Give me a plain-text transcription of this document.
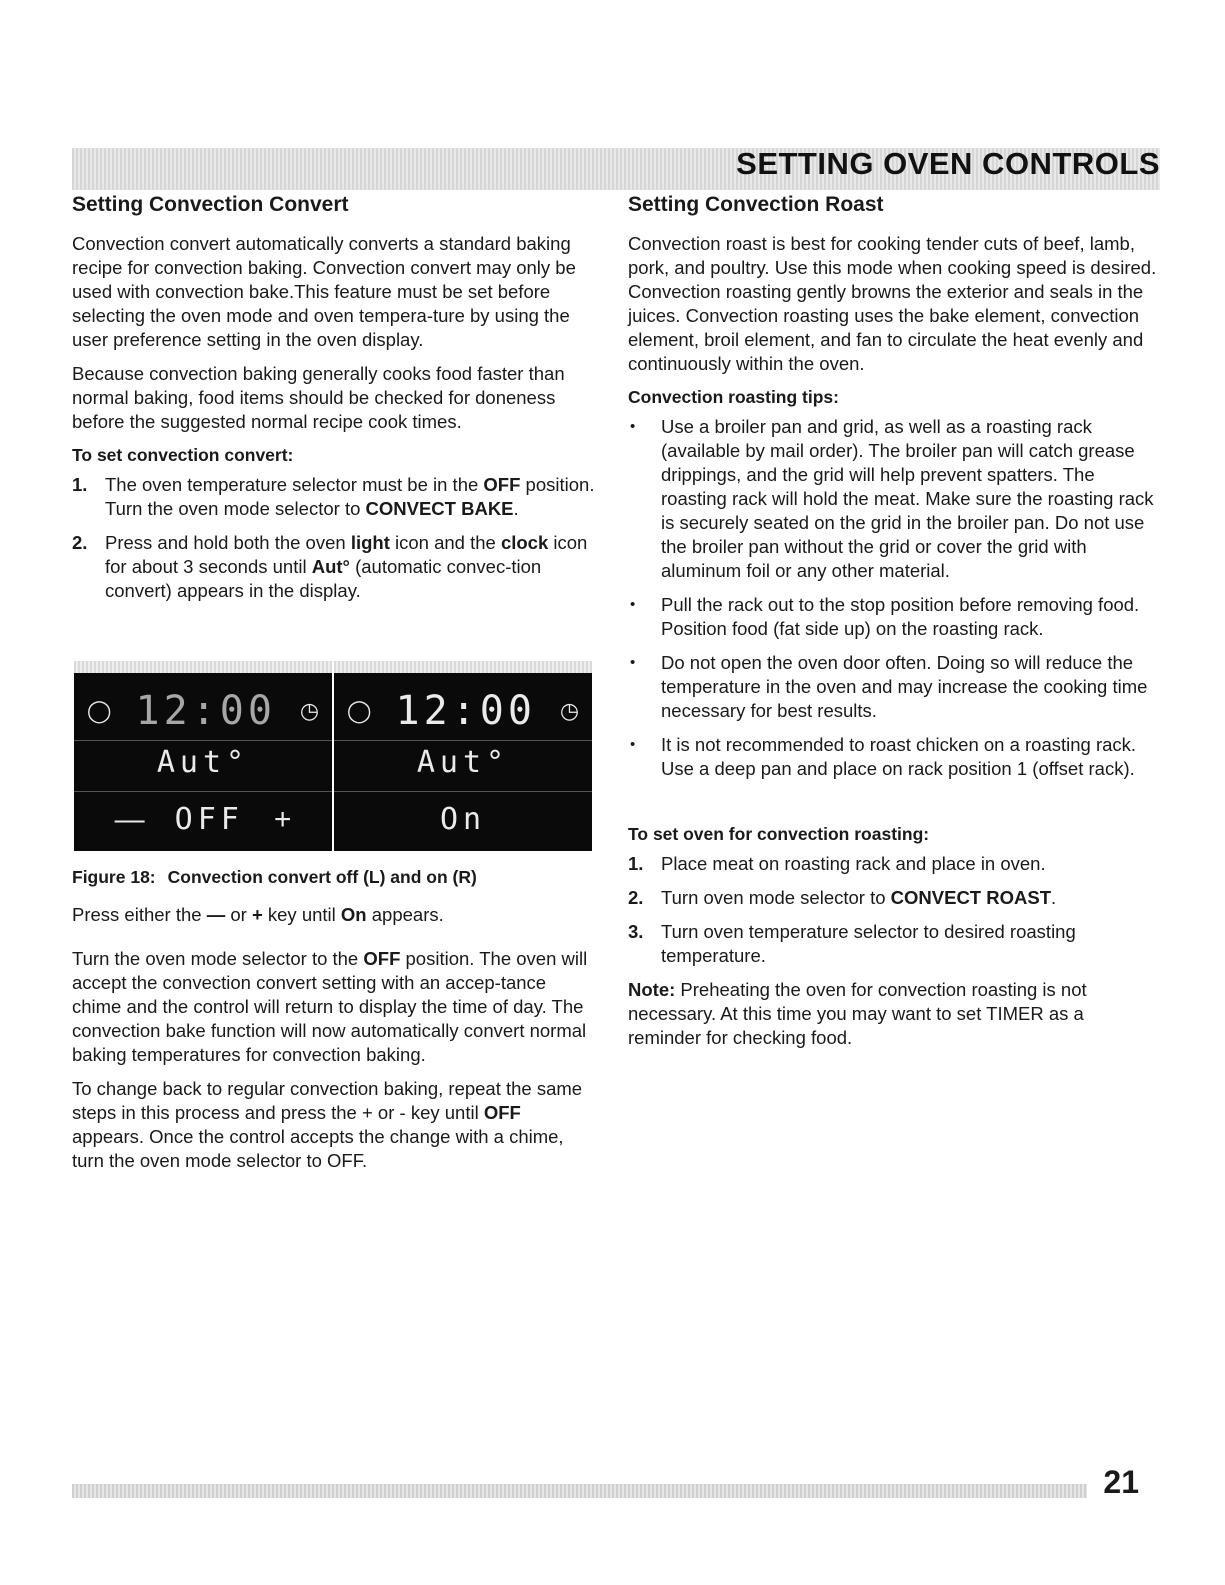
SETTING OVEN CONTROLS
Setting Convection Convert

Convection convert automatically converts a standard baking recipe for convection baking. Convection convert may only be used with convection bake.This feature must be set before selecting the oven mode and oven tempera-ture by using the user preference setting in the oven display.

Because convection baking generally cooks food faster than normal baking, food items should be checked for doneness before the suggested normal recipe cook times.

To set convection convert:
1. The oven temperature selector must be in the OFF position. Turn the oven mode selector to CONVECT BAKE.
2. Press and hold both the oven light icon and the clock icon for about 3 seconds until Aut° (automatic convec-tion convert) appears in the display.
◯ 12:00 ◷
Aut°
— OFF +
◯ 12:00 ◷
Aut°
On
Figure 18: Convection convert off (L) and on (R)

Press either the — or + key until On appears.

Turn the oven mode selector to the OFF position. The oven will accept the convection convert setting with an accep-tance chime and the control will return to display the time of day. The convection bake function will now automatically convert normal baking temperatures for convection baking.

To change back to regular convection baking, repeat the same steps in this process and press the + or - key until OFF appears. Once the control accepts the change with a chime, turn the oven mode selector to OFF.

Setting Convection Roast

Convection roast is best for cooking tender cuts of beef, lamb, pork, and poultry. Use this mode when cooking speed is desired. Convection roasting gently browns the exterior and seals in the juices. Convection roasting uses the bake element, convection element, broil element, and fan to circulate the heat evenly and continuously within the oven.

Convection roasting tips:
• Use a broiler pan and grid, as well as a roasting rack (available by mail order). The broiler pan will catch grease drippings, and the grid will help prevent spatters. The roasting rack will hold the meat. Make sure the roasting rack is securely seated on the grid in the broiler pan. Do not use the broiler pan without the grid or cover the grid with aluminum foil or any other material.
• Pull the rack out to the stop position before removing food. Position food (fat side up) on the roasting rack.
• Do not open the oven door often. Doing so will reduce the temperature in the oven and may increase the cooking time necessary for best results.
• It is not recommended to roast chicken on a roasting rack. Use a deep pan and place on rack position 1 (offset rack).
To set oven for convection roasting:
1. Place meat on roasting rack and place in oven.
2. Turn oven mode selector to CONVECT ROAST.
3. Turn oven temperature selector to desired roasting temperature.

Note: Preheating the oven for convection roasting is not necessary. At this time you may want to set TIMER as a reminder for checking food.

21
